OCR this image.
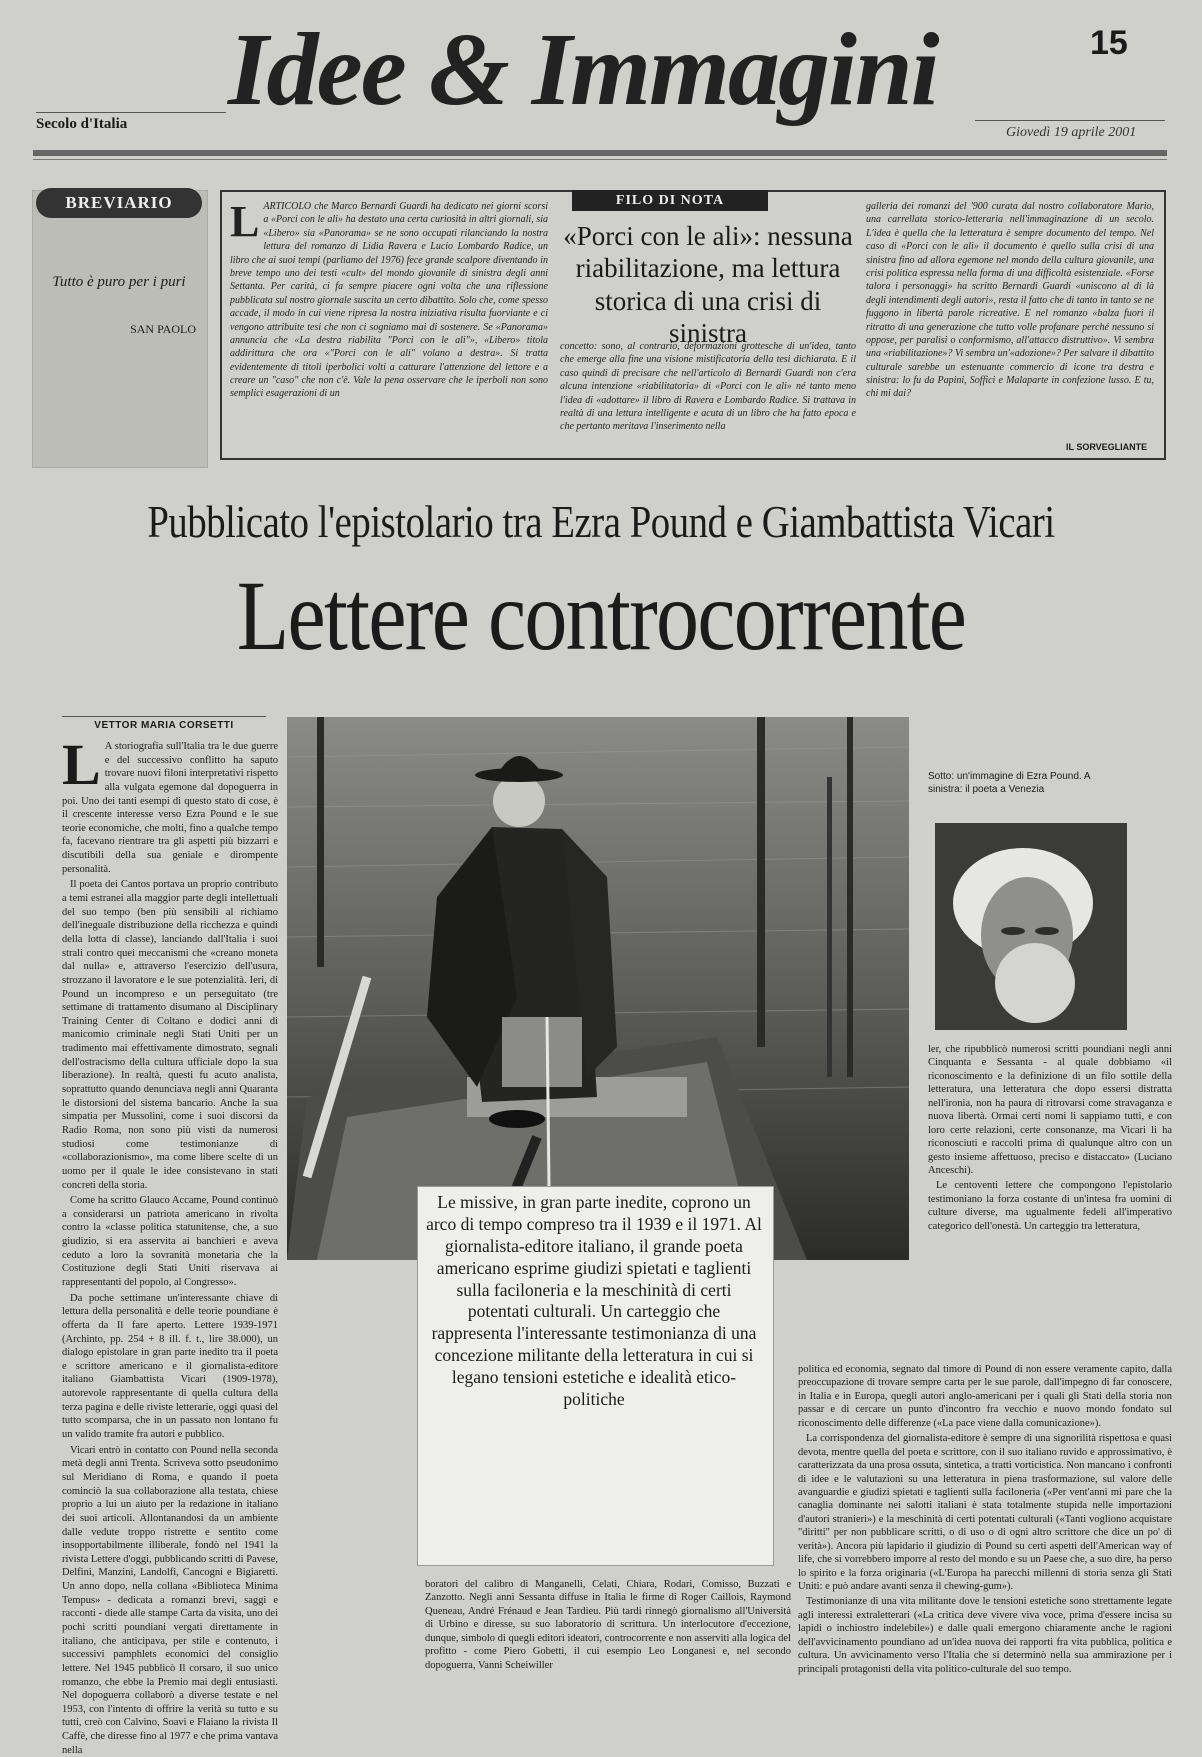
15
Idee & Immagini
Secolo d'Italia
Giovedì 19 aprile 2001
BREVIARIO
Tutto è puro per i puri
SAN PAOLO
LARTICOLO che Marco Bernardi Guardi ha dedicato nei giorni scorsi a «Porci con le ali» ha destato una certa curiosità in altri giornali, sia «Libero» sia «Panorama» se ne sono occupati rilanciando la nostra lettura del romanzo di Lidia Ravera e Lucio Lombardo Radice, un libro che ai suoi tempi (parliamo del 1976) fece grande scalpore diventando in breve tempo uno dei testi «cult» del mondo giovanile di sinistra degli anni Settanta. Per carità, ci fa sempre piacere ogni volta che una riflessione pubblicata sul nostro giornale suscita un certo dibattito. Solo che, come spesso accade, il modo in cui viene ripresa la nostra iniziativa risulta fuorviante e ci vengono attribuite tesi che non ci sogniamo mai di sostenere. Se «Panorama» annuncia che «La destra riabilita "Porci con le ali"», «Libero» titola addirittura che ora «"Porci con le ali" volano a destra». Si tratta evidentemente di titoli iperbolici volti a catturare l'attenzione del lettore e a creare un "caso" che non c'è. Vale la pena osservare che le iperboli non sono semplici esagerazioni di un
FILO DI NOTA
«Porci con le ali»: nessuna riabilitazione, ma lettura storica di una crisi di sinistra
concetto: sono, al contrario, deformazioni grottesche di un'idea, tanto che emerge alla fine una visione mistificatoria della tesi dichiarata. E il caso quindi di precisare che nell'articolo di Bernardi Guardi non c'era alcuna intenzione «riabilitatoria» di «Porci con le ali» né tanto meno l'idea di «adottare» il libro di Ravera e Lombardo Radice. Si trattava in realtà di una lettura intelligente e acuta di un libro che ha fatto epoca e che pertanto meritava l'inserimento nella
galleria dei romanzi del '900 curata dal nostro collaboratore Mario, una carrellata storico-letteraria nell'immaginazione di un secolo. L'idea è quella che la letteratura è sempre documento del tempo. Nel caso di «Porci con le ali» il documento è quello sulla crisi di una sinistra fino ad allora egemone nel mondo della cultura giovanile, una crisi politica espressa nella forma di una difficoltà esistenziale. «Forse talora i personaggi» ha scritto Bernardi Guardi «uniscono al di là degli intendimenti degli autori», resta il fatto che di tanto in tanto se ne fuggono in libertà parole ricreative. E nel romanzo «balza fuori il ritratto di una generazione che tutto volle profanare perché nessuno si oppose, per paralisi o conformismo, all'attacco distruttivo». Vi sembra una «riabilitazione»? Vi sembra un'«adozione»? Per salvare il dibattito culturale sarebbe un estenuante commercio di icone tra destra e sinistra: lo fu da Papini, Soffici e Malaparte in confezione lusso. E tu, chi mi dai?
IL SORVEGLIANTE
Pubblicato l'epistolario tra Ezra Pound e Giambattista Vicari
Lettere controcorrente
VETTOR MARIA CORSETTI
L A storiografia sull'Italia tra le due guerre e del successivo conflitto ha saputo trovare nuovi filoni interpretativi rispetto alla vulgata egemone dal dopoguerra in poi. Uno dei tanti esempi di questo stato di cose, è il crescente interesse verso Ezra Pound e le sue teorie economiche, che molti, fino a qualche tempo fa, facevano rientrare tra gli aspetti più bizzarri e discutibili della sua geniale e dirompente personalità.

Il poeta dei Cantos portava un proprio contributo a temi estranei alla maggior parte degli intellettuali del suo tempo (ben più sensibili al richiamo dell'ineguale distribuzione della ricchezza e quindi della lotta di classe), lanciando dall'Italia i suoi strali contro quei meccanismi che «creano moneta dal nulla» e, attraverso l'esercizio dell'usura, strozzano il lavoratore e le sue potenzialità. Ieri, di Pound un incompreso e un perseguitato (tre settimane di trattamento disumano al Disciplinary Training Center di Coltano e dodici anni di manicomio criminale negli Stati Uniti per un tradimento mai effettivamente dimostrato, segnali dell'ostracismo della cultura ufficiale dopo la sua liberazione). In realtà, questi fu acuto analista, soprattutto quando denunciava negli anni Quaranta le distorsioni del sistema bancario. Anche la sua simpatia per Mussolini, come i suoi discorsi da Radio Roma, non sono più visti da numerosi studiosi come testimonianze di «collaborazionismo», ma come libere scelte di un uomo per il quale le idee consistevano in stati concreti della storia.

Come ha scritto Glauco Accame, Pound continuò a considerarsi un patriota americano in rivolta contro la «classe politica statunitense, che, a suo giudizio, si era asservita ai banchieri e aveva ceduto a loro la sovranità monetaria che la Costituzione degli Stati Uniti riservava ai rappresentanti del popolo, al Congresso».

Da poche settimane un'interessante chiave di lettura della personalità e delle teorie poundiane è offerta da Il fare aperto. Lettere 1939-1971 (Archinto, pp. 254 + 8 ill. f. t., lire 38.000), un dialogo epistolare in gran parte inedito tra il poeta e scrittore americano e il giornalista-editore italiano Giambattista Vicari (1909-1978), autorevole rappresentante di quella cultura della terza pagina e delle riviste letterarie, oggi quasi del tutto scomparsa, che in un passato non lontano fu un valido tramite fra autori e pubblico.

Vicari entrò in contatto con Pound nella seconda metà degli anni Trenta. Scriveva sotto pseudonimo sul Meridiano di Roma, e quando il poeta cominciò la sua collaborazione alla testata, chiese proprio a lui un aiuto per la redazione in italiano dei suoi articoli. Allontanandosi da un ambiente dalle vedute troppo ristrette e sentito come insopportabilmente illiberale, fondò nel 1941 la rivista Lettere d'oggi, pubblicando scritti di Pavese, Delfini, Manzini, Landolfi, Cancogni e Bigiaretti. Un anno dopo, nella collana «Biblioteca Minima Tempus» - dedicata a romanzi brevi, saggi e racconti - diede alle stampe Carta da visita, uno dei pochi scritti poundiani vergati direttamente in italiano, che anticipava, per stile e contenuto, i successivi pamphlets economici del consiglio lettere. Nel 1945 pubblicò Il corsaro, il suo unico romanzo, che ebbe la Premio mai degli entusiasti. Nel dopoguerra collaborò a diverse testate e nel 1953, con l'intento di offrire la verità su tutto e su tutti, creò con Calvino, Soavi e Flaiano la rivista Il Caffè, che diresse fino al 1977 e che prima vantava nella

Sotto: un'immagine di Ezra Pound. A sinistra: il poeta a Venezia
Le missive, in gran parte inedite, coprono un arco di tempo compreso tra il 1939 e il 1971. Al giornalista-editore italiano, il grande poeta americano esprime giudizi spietati e taglienti sulla faciloneria e la meschinità di certi potentati culturali. Un carteggio che rappresenta l'interessante testimonianza di una concezione militante della letteratura in cui si legano tensioni estetiche e idealità etico-politiche

ler, che ripubblicò numerosi scritti poundiani negli anni Cinquanta e Sessanta - al quale dobbiamo «il riconoscimento e la definizione di un filo sottile della letteratura, una letteratura che dopo essersi distratta nell'ironia, non ha paura di ritrovarsi come stravaganza e nuova libertà. Ormai certi nomi li sappiamo tutti, e con loro certe relazioni, certe consonanze, ma Vicari li ha riconosciuti e raccolti prima di qualunque altro con un gesto insieme affettuoso, preciso e distaccato» (Luciano Anceschi).

Le centoventi lettere che compongono l'epistolario testimoniano la forza costante di un'intesa fra uomini di culture diverse, ma ugualmente fedeli all'imperativo categorico dell'onestà. Un carteggio tra letteratura,

politica ed economia, segnato dal timore di Pound di non essere veramente capito, dalla preoccupazione di trovare sempre carta per le sue parole, dall'impegno di far conoscere, in Italia e in Europa, quegli autori anglo-americani per i quali gli Stati della storia non passar e di cercare un punto d'incontro fra vecchio e nuovo mondo fondato sul riconoscimento delle differenze («La pace viene dalla comunicazione»).

La corrispondenza del giornalista-editore è sempre di una signorilità rispettosa e quasi devota, mentre quella del poeta e scrittore, con il suo italiano ruvido e approssimativo, è caratterizzata da una prosa ossuta, sintetica, a tratti vorticistica. Non mancano i confronti di idee e le valutazioni su una letteratura in piena trasformazione, sul valore delle avanguardie e giudizi spietati e taglienti sulla faciloneria («Per vent'anni mi pare che la canaglia dominante nei salotti italiani è stata totalmente stupida nelle importazioni d'autori stranieri») e la meschinità di certi potentati culturali («Tanti vogliono acquistare "diritti" per non pubblicare scritti, o di uso o di ogni altro scrittore che dice un po' di verità»). Ancora più lapidario il giudizio di Pound su certi aspetti dell'American way of life, che si vorrebbero imporre al resto del mondo e su un Paese che, a suo dire, ha perso lo spirito e la forza originaria («L'Europa ha parecchi millenni di storia senza gli Stati Uniti: e può andare avanti senza il chewing-gum»).

Testimonianze di una vita militante dove le tensioni estetiche sono strettamente legate agli interessi extraletterari («La critica deve vivere viva voce, prima d'essere incisa su lapidi o inchiostro indelebile») e dalle quali emergono chiaramente anche le ragioni dell'avvicinamento poundiano ad un'idea nuova dei rapporti fra vita pubblica, politica e cultura. Un avvicinamento verso l'Italia che si determinò nella sua ammirazione per i principali protagonisti della vita politico-culturale del suo tempo.

boratori del calibro di Manganelli, Celati, Chiara, Rodari, Comisso, Buzzati e Zanzotto. Negli anni Sessanta diffuse in Italia le firme di Roger Caillois, Raymond Queneau, André Frénaud e Jean Tardieu. Più tardi rinnegò giornalismo all'Università di Urbino e diresse, su suo laboratorio di scrittura. Un interlocutore d'eccezione, dunque, simbolo di quegli editori ideatori, controcorrente e non asserviti alla logica del profitto - come Piero Gobetti, il cui esempio Leo Longanesi e, nel secondo dopoguerra, Vanni Scheiwiller
